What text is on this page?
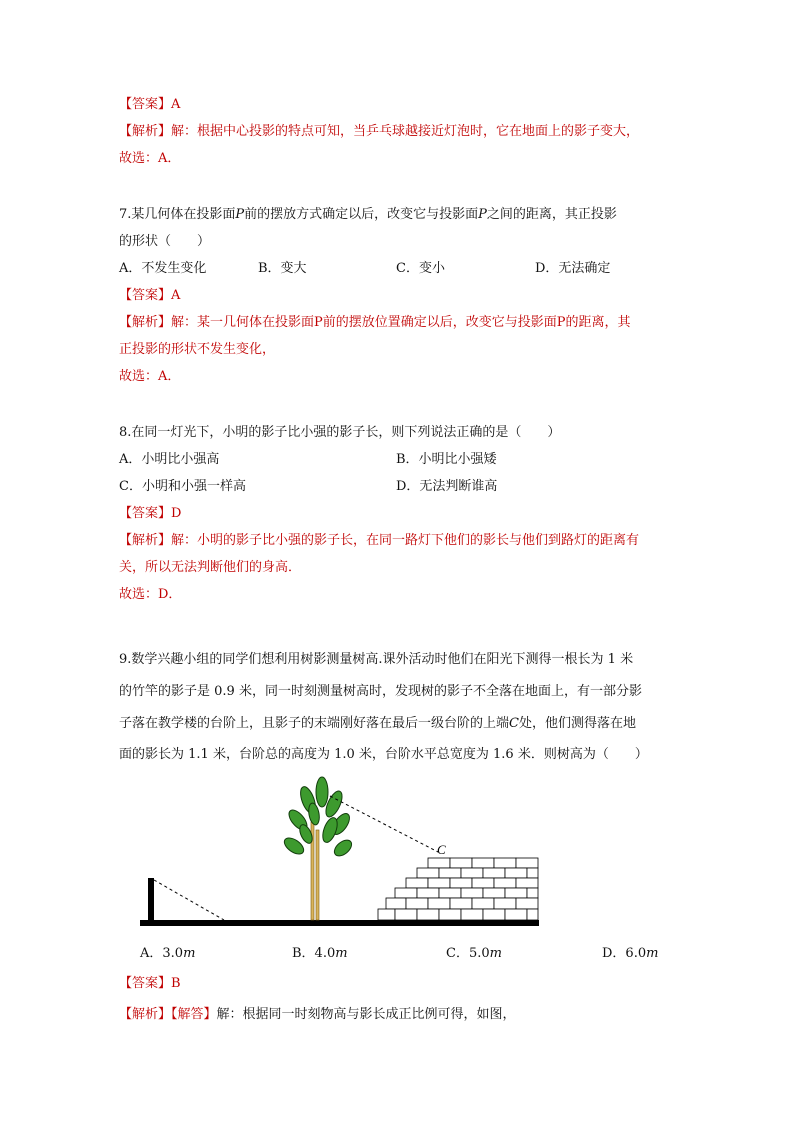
【答案】A
【解析】解：根据中心投影的特点可知，当乒乓球越接近灯泡时，它在地面上的影子变大，
故选：A．
7.某几何体在投影面P前的摆放方式确定以后，改变它与投影面P之间的距离，其正投影
的形状（　　）
A．不发生变化	B．变大	C．变小	D．无法确定
【答案】A
【解析】解：某一几何体在投影面P前的摆放位置确定以后，改变它与投影面P的距离，其
正投影的形状不发生变化，
故选：A．
8.在同一灯光下，小明的影子比小强的影子长，则下列说法正确的是（　　）
A．小明比小强高	B．小明比小强矮
C．小明和小强一样高	D．无法判断谁高
【答案】D
【解析】解：小明的影子比小强的影子长，在同一路灯下他们的影长与他们到路灯的距离有
关，所以无法判断他们的身高．
故选：D．
9.数学兴趣小组的同学们想利用树影测量树高.课外活动时他们在阳光下测得一根长为 1 米
的竹竿的影子是 0.9 米，同一时刻测量树高时，发现树的影子不全落在地面上，有一部分影
子落在教学楼的台阶上，且影子的末端刚好落在最后一级台阶的上端C处，他们测得落在地
面的影长为 1.1 米，台阶总的高度为 1.0 米，台阶水平总宽度为 1.6 米．则树高为（　　）
C
A．3.0m	B．4.0m	C．5.0m	D．6.0m
【答案】B
【解析】【解答】解：根据同一时刻物高与影长成正比例可得，如图，
